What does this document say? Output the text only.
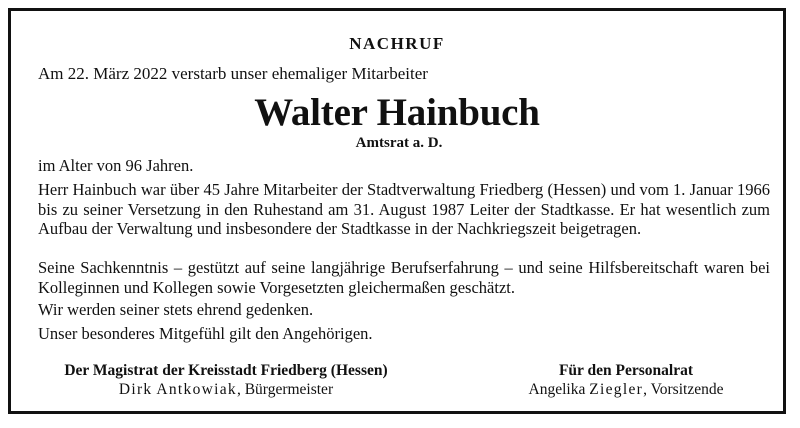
NACHRUF
Am 22. März 2022 verstarb unser ehemaliger Mitarbeiter
Walter Hainbuch
Amtsrat a. D.
im Alter von 96 Jahren.
Herr Hainbuch war über 45 Jahre Mitarbeiter der Stadtverwaltung Friedberg (Hessen) und vom 1. Januar 1966 bis zu seiner Versetzung in den Ruhestand am 31. August 1987 Leiter der Stadtkasse. Er hat wesentlich zum Aufbau der Verwaltung und insbesondere der Stadtkasse in der Nachkriegszeit beigetragen.
Seine Sachkenntnis – gestützt auf seine langjährige Berufserfahrung – und seine Hilfsbereitschaft waren bei Kolleginnen und Kollegen sowie Vorgesetzten gleichermaßen geschätzt.
Wir werden seiner stets ehrend gedenken.
Unser besonderes Mitgefühl gilt den Angehörigen.
Der Magistrat der Kreisstadt Friedberg (Hessen)
Dirk Antkowiak, Bürgermeister
Für den Personalrat
Angelika Ziegler, Vorsitzende
